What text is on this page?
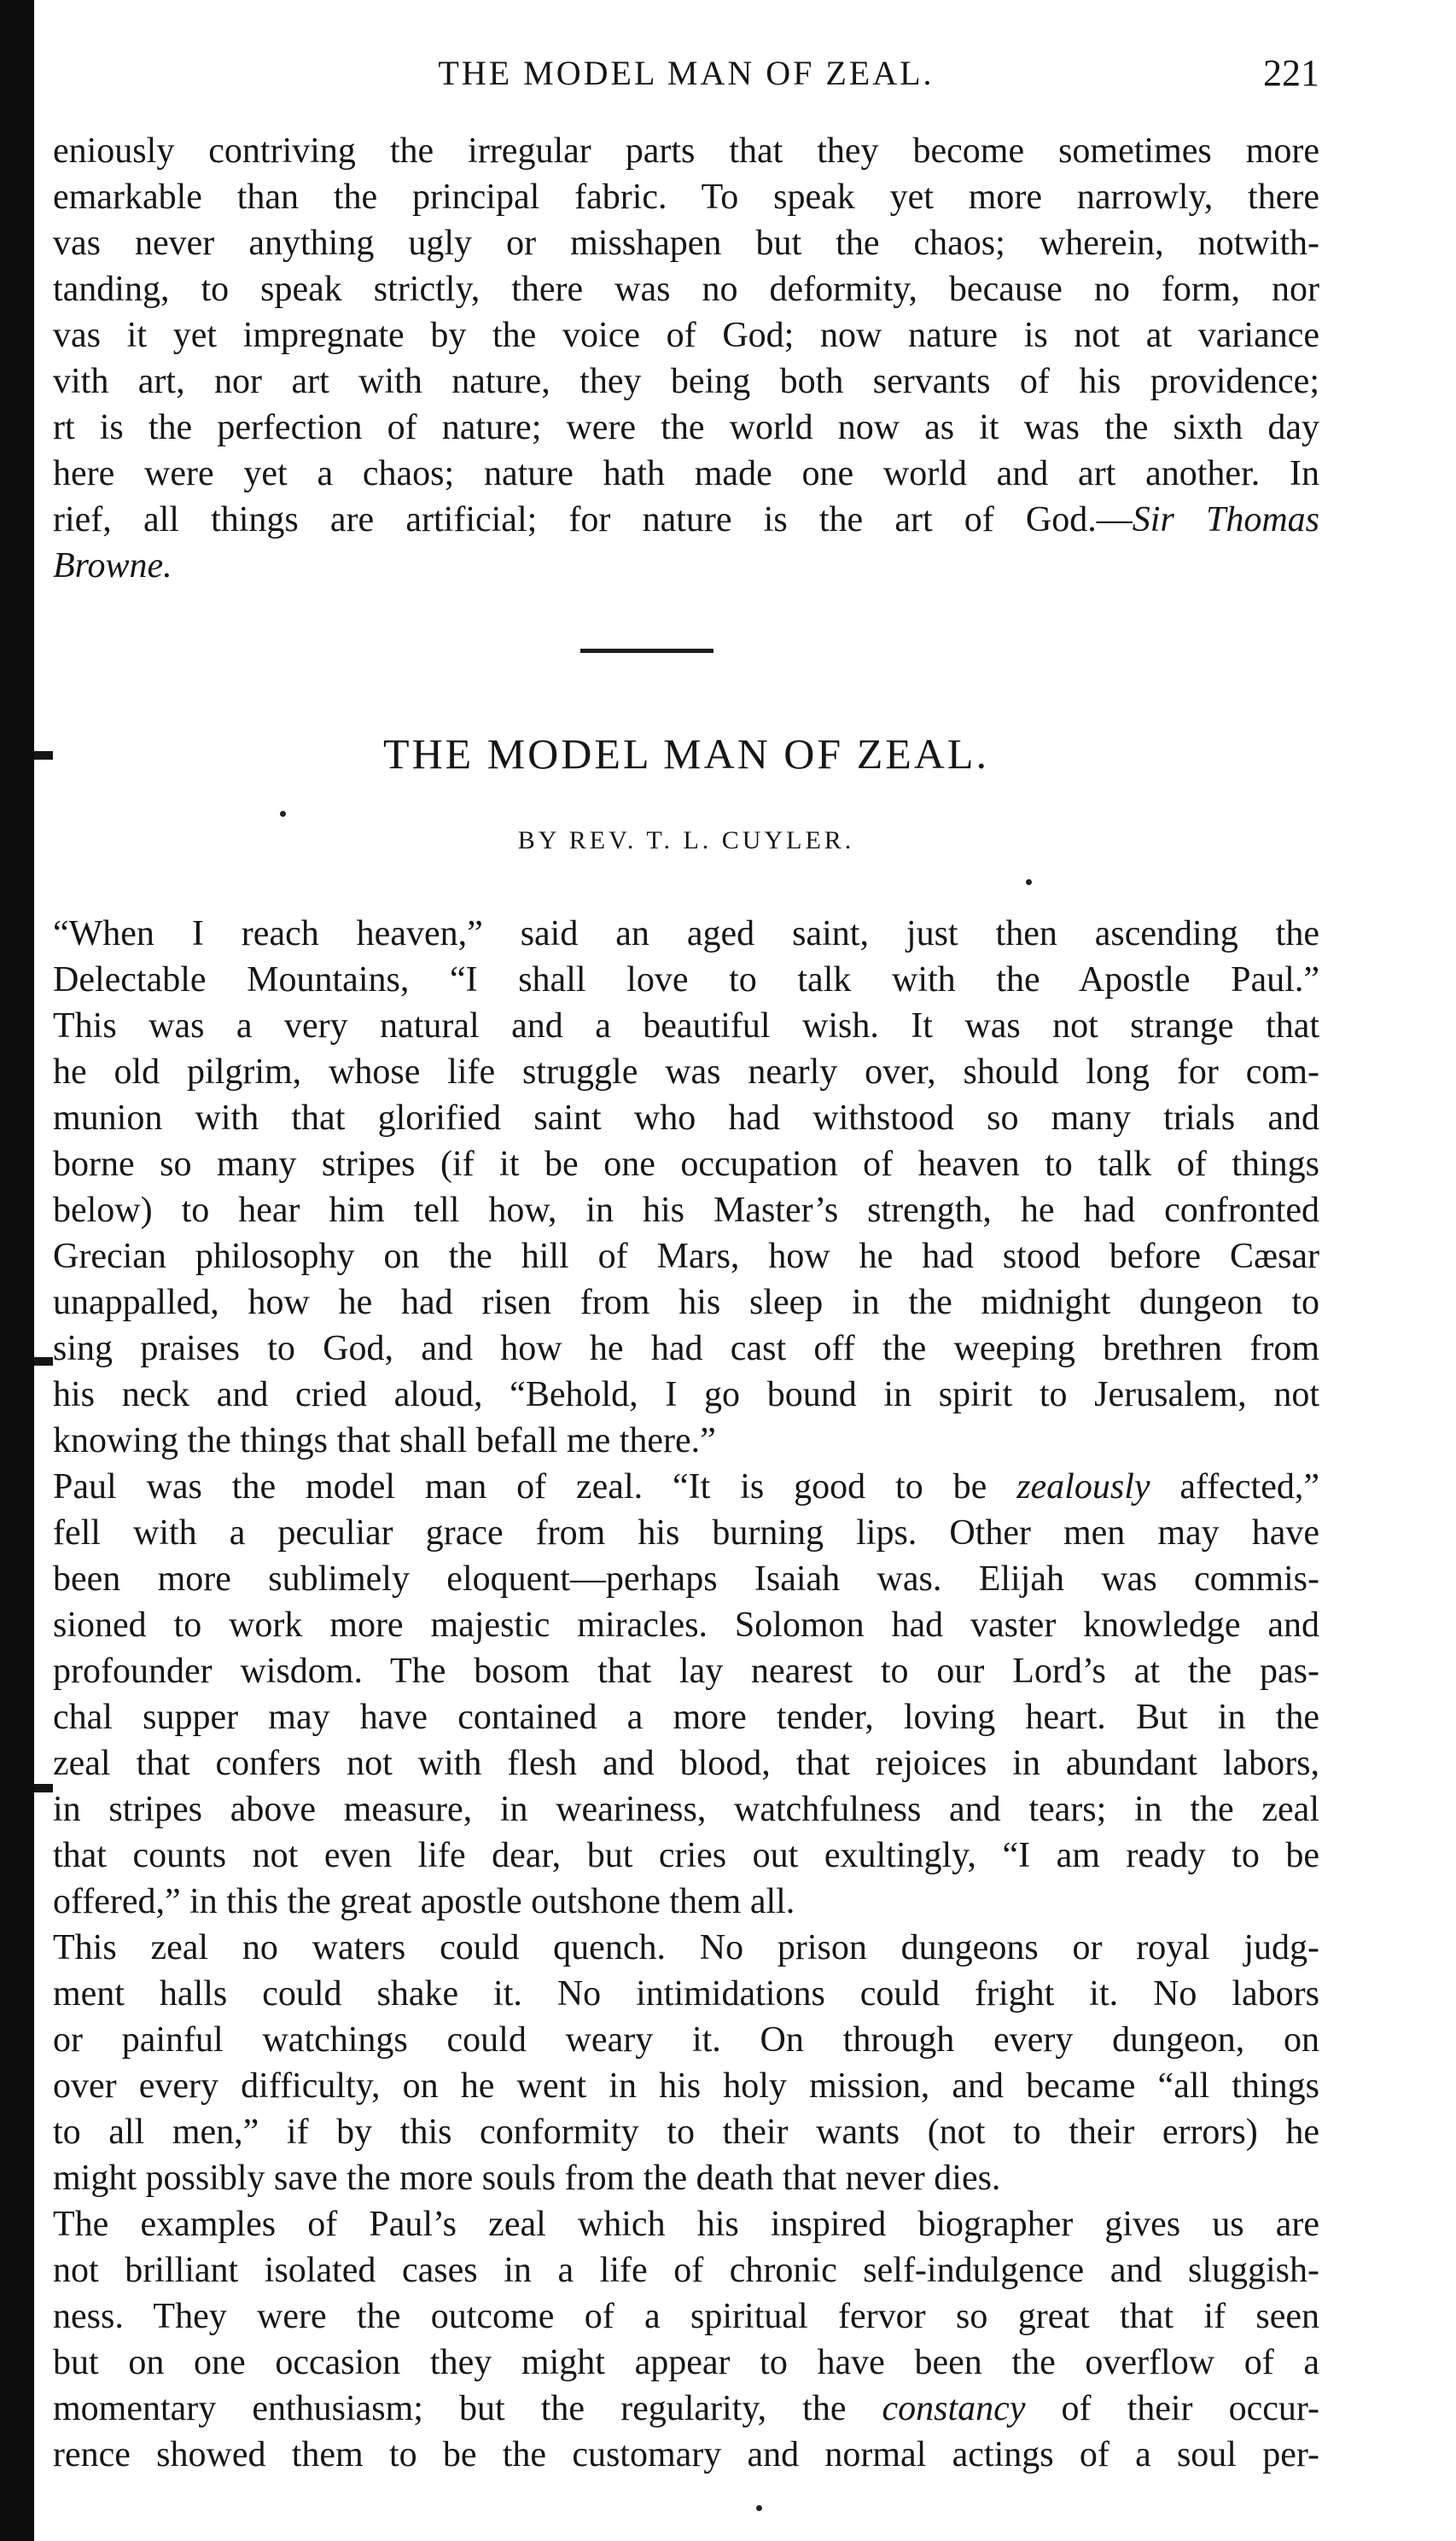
THE MODEL MAN OF ZEAL.	221
eniously contriving the irregular parts that they become sometimes more
emarkable than the principal fabric. To speak yet more narrowly, there
vas never anything ugly or misshapen but the chaos; wherein, notwith-
tanding, to speak strictly, there was no deformity, because no form, nor
vas it yet impregnate by the voice of God; now nature is not at variance
vith art, nor art with nature, they being both servants of his providence;
rt is the perfection of nature; were the world now as it was the sixth day
here were yet a chaos; nature hath made one world and art another. In
rief, all things are artificial; for nature is the art of God.—Sir Thomas
Browne.
THE MODEL MAN OF ZEAL.
BY REV. T. L. CUYLER.
“When I reach heaven,” said an aged saint, just then ascending the
Delectable Mountains, “I shall love to talk with the Apostle Paul.”
This was a very natural and a beautiful wish. It was not strange that
he old pilgrim, whose life struggle was nearly over, should long for com-
munion with that glorified saint who had withstood so many trials and
borne so many stripes (if it be one occupation of heaven to talk of things
below) to hear him tell how, in his Master’s strength, he had confronted
Grecian philosophy on the hill of Mars, how he had stood before Cæsar
unappalled, how he had risen from his sleep in the midnight dungeon to
sing praises to God, and how he had cast off the weeping brethren from
his neck and cried aloud, “Behold, I go bound in spirit to Jerusalem, not
knowing the things that shall befall me there.”
Paul was the model man of zeal. “It is good to be zealously affected,”
fell with a peculiar grace from his burning lips. Other men may have
been more sublimely eloquent—perhaps Isaiah was. Elijah was commis-
sioned to work more majestic miracles. Solomon had vaster knowledge and
profounder wisdom. The bosom that lay nearest to our Lord’s at the pas-
chal supper may have contained a more tender, loving heart. But in the
zeal that confers not with flesh and blood, that rejoices in abundant labors,
in stripes above measure, in weariness, watchfulness and tears; in the zeal
that counts not even life dear, but cries out exultingly, “I am ready to be
offered,” in this the great apostle outshone them all.
This zeal no waters could quench. No prison dungeons or royal judg-
ment halls could shake it. No intimidations could fright it. No labors
or painful watchings could weary it. On through every dungeon, on
over every difficulty, on he went in his holy mission, and became “all things
to all men,” if by this conformity to their wants (not to their errors) he
might possibly save the more souls from the death that never dies.
The examples of Paul’s zeal which his inspired biographer gives us are
not brilliant isolated cases in a life of chronic self-indulgence and sluggish-
ness. They were the outcome of a spiritual fervor so great that if seen
but on one occasion they might appear to have been the overflow of a
momentary enthusiasm; but the regularity, the constancy of their occur-
rence showed them to be the customary and normal actings of a soul per-
